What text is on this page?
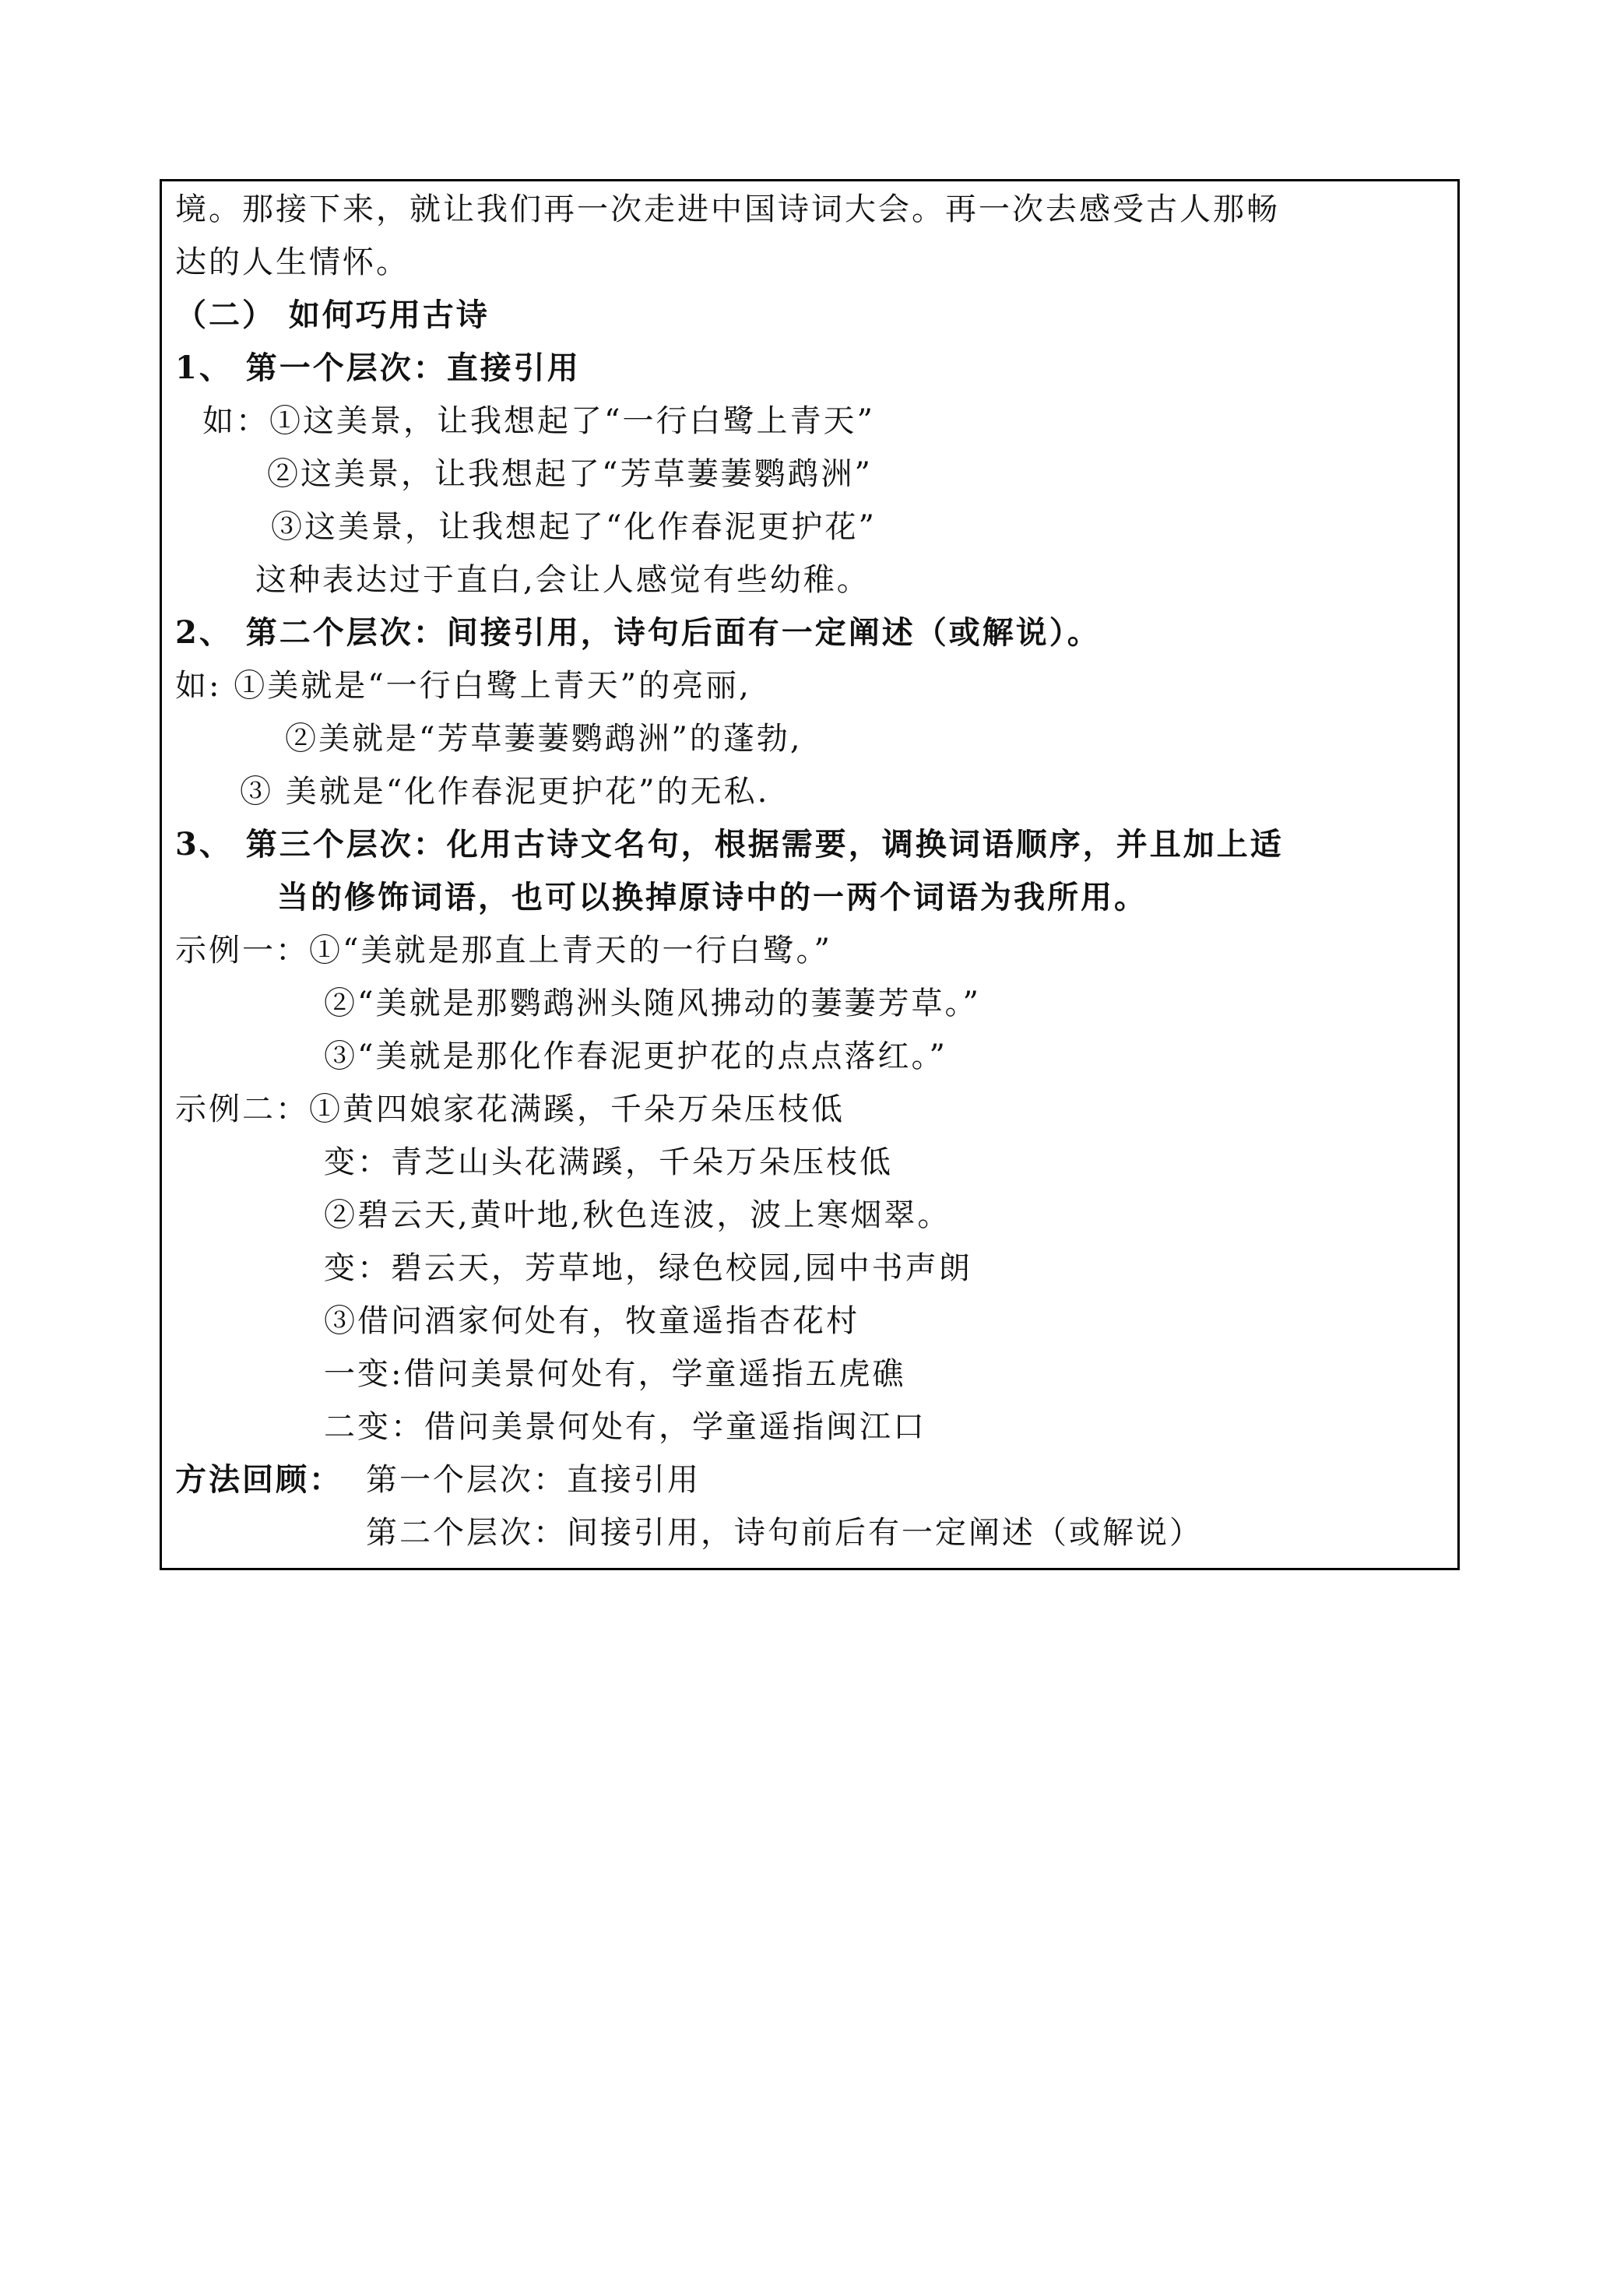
境。那接下来，就让我们再一次走进中国诗词大会。再一次去感受古人那畅
达的人生情怀。
（二） 如何巧用古诗
1、 第一个层次：直接引用
如：①这美景，让我想起了“一行白鹭上青天”
②这美景，让我想起了“芳草萋萋鹦鹉洲”
③这美景，让我想起了“化作春泥更护花”
这种表达过于直白,会让人感觉有些幼稚。
2、 第二个层次：间接引用，诗句后面有一定阐述（或解说）。
如: ①美就是“一行白鹭上青天”的亮丽,
②美就是“芳草萋萋鹦鹉洲”的蓬勃,
③ 美就是“化作春泥更护花”的无私.
3、 第三个层次：化用古诗文名句，根据需要，调换词语顺序，并且加上适
当的修饰词语，也可以换掉原诗中的一两个词语为我所用。
示例一：①“美就是那直上青天的一行白鹭。”
②“美就是那鹦鹉洲头随风拂动的萋萋芳草。”
③“美就是那化作春泥更护花的点点落红。”
示例二：①黄四娘家花满蹊，千朵万朵压枝低
变：青芝山头花满蹊，千朵万朵压枝低
②碧云天,黄叶地,秋色连波，波上寒烟翠。
变：碧云天，芳草地，绿色校园,园中书声朗
③借问酒家何处有，牧童遥指杏花村
一变:借问美景何处有，学童遥指五虎礁
二变：借问美景何处有，学童遥指闽江口
方法回顾： 第一个层次：直接引用
第二个层次：间接引用，诗句前后有一定阐述（或解说）
